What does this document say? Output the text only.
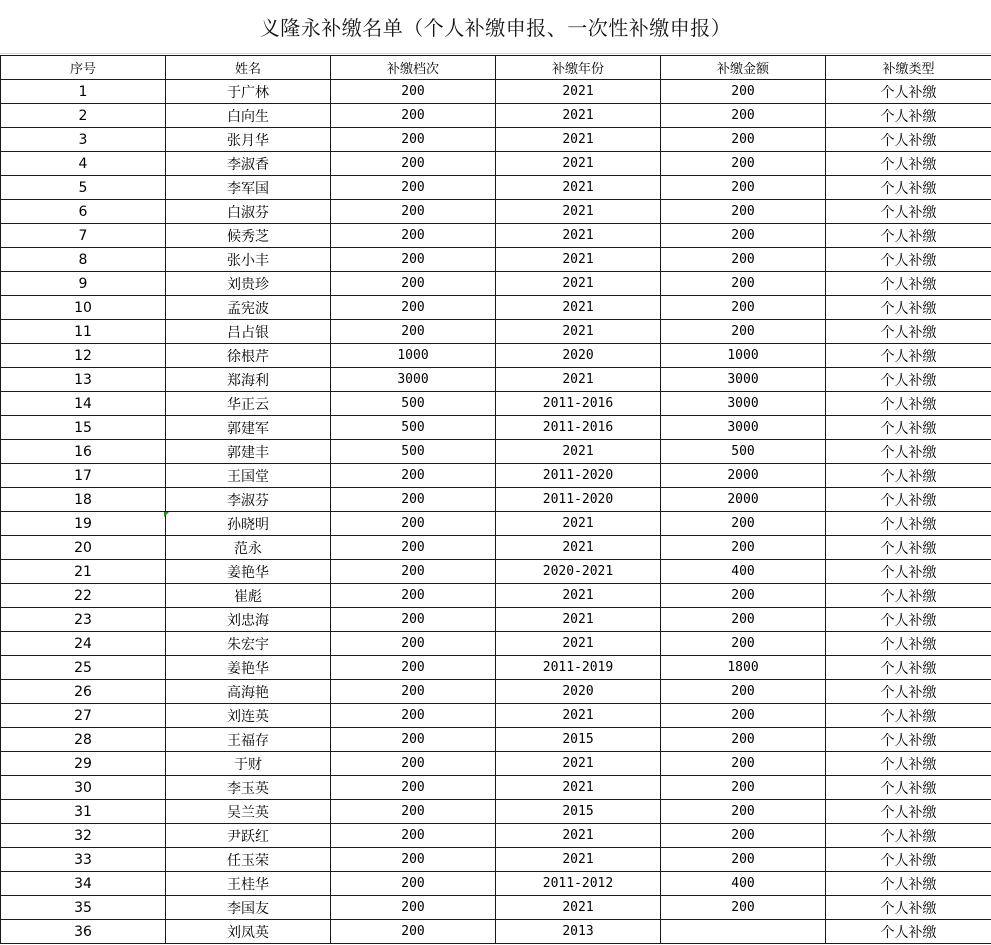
义隆永补缴名单（个人补缴申报、一次性补缴申报）
序号	姓名	补缴档次	补缴年份	补缴金额	补缴类型
1	于广林	200	2021	200	个人补缴
2	白向生	200	2021	200	个人补缴
3	张月华	200	2021	200	个人补缴
4	李淑香	200	2021	200	个人补缴
5	李军国	200	2021	200	个人补缴
6	白淑芬	200	2021	200	个人补缴
7	候秀芝	200	2021	200	个人补缴
8	张小丰	200	2021	200	个人补缴
9	刘贵珍	200	2021	200	个人补缴
10	孟宪波	200	2021	200	个人补缴
11	吕占银	200	2021	200	个人补缴
12	徐根芹	1000	2020	1000	个人补缴
13	郑海利	3000	2021	3000	个人补缴
14	华正云	500	2011-2016	3000	个人补缴
15	郭建军	500	2011-2016	3000	个人补缴
16	郭建丰	500	2021	500	个人补缴
17	王国堂	200	2011-2020	2000	个人补缴
18	李淑芬	200	2011-2020	2000	个人补缴
19	孙晓明	200	2021	200	个人补缴
20	范永	200	2021	200	个人补缴
21	姜艳华	200	2020-2021	400	个人补缴
22	崔彪	200	2021	200	个人补缴
23	刘忠海	200	2021	200	个人补缴
24	朱宏宇	200	2021	200	个人补缴
25	姜艳华	200	2011-2019	1800	个人补缴
26	高海艳	200	2020	200	个人补缴
27	刘连英	200	2021	200	个人补缴
28	王福存	200	2015	200	个人补缴
29	于财	200	2021	200	个人补缴
30	李玉英	200	2021	200	个人补缴
31	吴兰英	200	2015	200	个人补缴
32	尹跃红	200	2021	200	个人补缴
33	任玉荣	200	2021	200	个人补缴
34	王桂华	200	2011-2012	400	个人补缴
35	李国友	200	2021	200	个人补缴
36	刘凤英	200	2013		个人补缴
